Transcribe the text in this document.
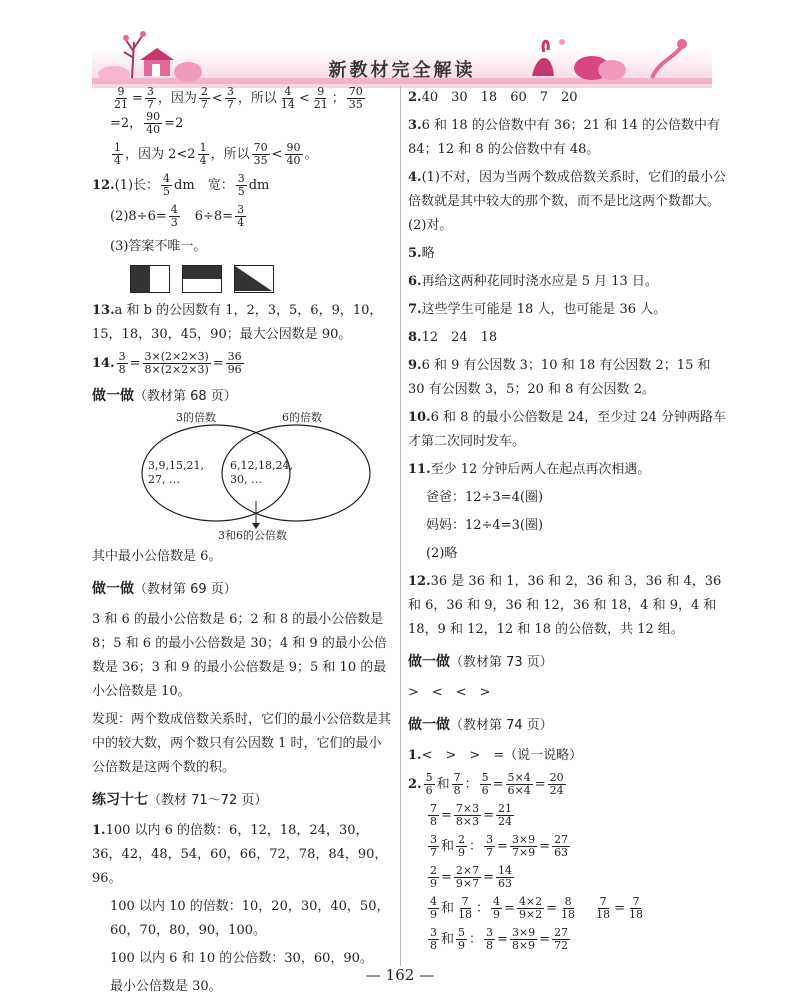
新教材完全解读
$\frac{9}{21} = \frac{3}{7}$ ，因为 $\frac{2}{7} < \frac{3}{7}$ ，所以 $\frac{4}{14} < \frac{9}{21}$ ； $\frac{70}{35}$
=2， $\frac{90}{40} =2$
$\frac{1}{4}$ ，因为 $2<2 \frac{1}{4}$ ，所以 $\frac{70}{35} < \frac{90}{40}$ 。
12. (1)长： $\frac{4}{5}$ dm　宽： $\frac{3}{5}$ dm
$(2)8\div 6= \frac{4}{3}$ 　$6\div 8= \frac{3}{4}$

(3)答案不唯一。

13.a 和 b 的公因数有 1，2，3，5，6，9，10，15，18，30，45，90；最大公因数是 90。

14. $\frac{3}{8} = \frac{3\times(2\times 2\times 3)}{8\times(2\times 2\times 3)} = \frac{36}{96}$
做一做（教材第 68 页）
3的倍数	6的倍数
3,9,15,21,
27, …
6,12,18,24,
30, …
3和6的公倍数

其中最小公倍数是 6。

做一做（教材第 69 页）

3 和 6 的最小公倍数是 6；2 和 8 的最小公倍数是 8；5 和 6 的最小公倍数是 30；4 和 9 的最小公倍数是 36；3 和 9 的最小公倍数是 9；5 和 10 的最小公倍数是 10。

发现：两个数成倍数关系时，它们的最小公倍数是其中的较大数，两个数只有公因数 1 时，它们的最小公倍数是这两个数的积。

练习十七（教材 71～72 页）

1.100 以内 6 的倍数：6，12，18，24，30，36，42，48，54，60，66，72，78，84，90，96。

100 以内 10 的倍数：10，20，30，40，50，60，70，80，90，100。

100 以内 6 和 10 的公倍数：30，60，90。

最小公倍数是 30。

2.40　30　18　60　7　20

3.6 和 18 的公倍数中有 36；21 和 14 的公倍数中有 84；12 和 8 的公倍数中有 48。

4.(1)不对，因为当两个数成倍数关系时，它们的最小公倍数就是其中较大的那个数，而不是比这两个数都大。　(2)对。

5.略

6.再给这两种花同时浇水应是 5 月 13 日。

7.这些学生可能是 18 人，也可能是 36 人。

8.12　24　18

9.6 和 9 有公因数 3；10 和 18 有公因数 2；15 和 30 有公因数 3，5；20 和 8 有公因数 2。

10.6 和 8 的最小公倍数是 24，至少过 24 分钟两路车才第二次同时发车。

11.至少 12 分钟后两人在起点再次相遇。

爸爸：12÷3=4(圈)

妈妈：12÷4=3(圈)

(2)略

12.36 是 36 和 1，36 和 2，36 和 3，36 和 4，36 和 6，36 和 9，36 和 12，36 和 18，4 和 9，4 和 18，9 和 12，12 和 18 的公倍数，共 12 组。

做一做（教材第 73 页）

>　<　<　>

做一做（教材第 74 页）

1.<　>　>　=（说一说略）

2. $\frac{5}{6}$ 和 $\frac{7}{8}$ ： $\frac{5}{6} = \frac{5\times 4}{6\times 4} = \frac{20}{24}$
$\frac{7}{8} = \frac{7\times 3}{8\times 3} = \frac{21}{24}$
$\frac{3}{7}$ 和 $\frac{2}{9}$ ： $\frac{3}{7} = \frac{3\times 9}{7\times 9} = \frac{27}{63}$
$\frac{2}{9} = \frac{2\times 7}{9\times 7} = \frac{14}{63}$
$\frac{4}{9}$ 和 $\frac{7}{18}$ ： $\frac{4}{9} = \frac{4\times 2}{9\times 2} = \frac{8}{18}$
　 $\frac{7}{18} = \frac{7}{18}$
$\frac{3}{8}$ 和 $\frac{5}{9}$ ： $\frac{3}{8} = \frac{3\times 9}{8\times 9} = \frac{27}{72}$
— 162 —
